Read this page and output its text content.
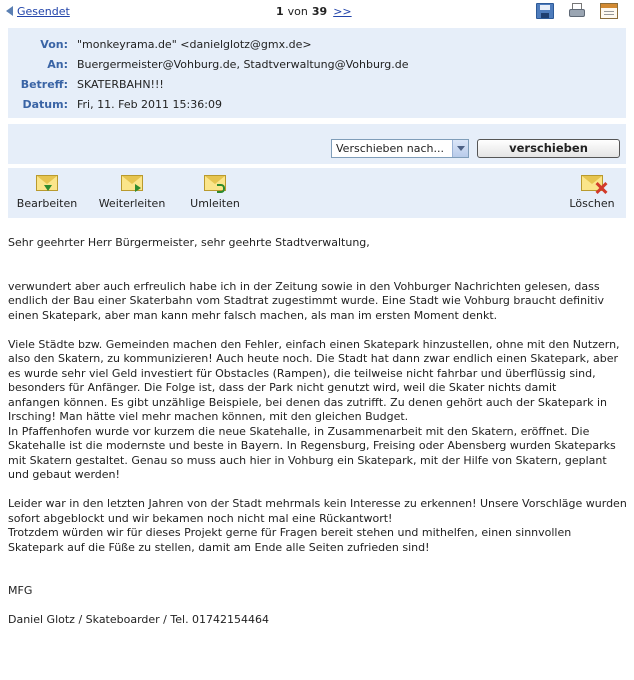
Gesendet	1 von 39 >>
Von: "monkeyrama.de" <danielglotz@gmx.de>
An: Buergermeister@Vohburg.de, Stadtverwaltung@Vohburg.de
Betreff: SKATERBAHN!!!
Datum: Fri, 11. Feb 2011 15:36:09
Verschieben nach...	verschieben
Bearbeiten Weiterleiten Umleiten	Löschen

Sehr geehrter Herr Bürgermeister, sehr geehrte Stadtverwaltung,

verwundert aber auch erfreulich habe ich in der Zeitung sowie in den Vohburger Nachrichten gelesen, dass endlich der Bau einer Skaterbahn vom Stadtrat zugestimmt wurde. Eine Stadt wie Vohburg braucht definitiv einen Skatepark, aber man kann mehr falsch machen, als man im ersten Moment denkt.

Viele Städte bzw. Gemeinden machen den Fehler, einfach einen Skatepark hinzustellen, ohne mit den Nutzern, also den Skatern, zu kommunizieren! Auch heute noch. Die Stadt hat dann zwar endlich einen Skatepark, aber es wurde sehr viel Geld investiert für Obstacles (Rampen), die teilweise nicht fahrbar und überflüssig sind, besonders für Anfänger. Die Folge ist, dass der Park nicht genutzt wird, weil die Skater nichts damit
anfangen können. Es gibt unzählige Beispiele, bei denen das zutrifft. Zu denen gehört auch der Skatepark in Irsching! Man hätte viel mehr machen können, mit den gleichen Budget.
In Pfaffenhofen wurde vor kurzem die neue Skatehalle, in Zusammenarbeit mit den Skatern, eröffnet. Die Skatehalle ist die modernste und beste in Bayern. In Regensburg, Freising oder Abensberg wurden Skateparks mit Skatern gestaltet. Genau so muss auch hier in Vohburg ein Skatepark, mit der Hilfe von Skatern, geplant und gebaut werden!

Leider war in den letzten Jahren von der Stadt mehrmals kein Interesse zu erkennen! Unsere Vorschläge wurden sofort abgeblockt und wir bekamen noch nicht mal eine Rückantwort!
Trotzdem würden wir für dieses Projekt gerne für Fragen bereit stehen und mithelfen, einen sinnvollen Skatepark auf die Füße zu stellen, damit am Ende alle Seiten zufrieden sind!

MFG

Daniel Glotz / Skateboarder / Tel. 01742154464
